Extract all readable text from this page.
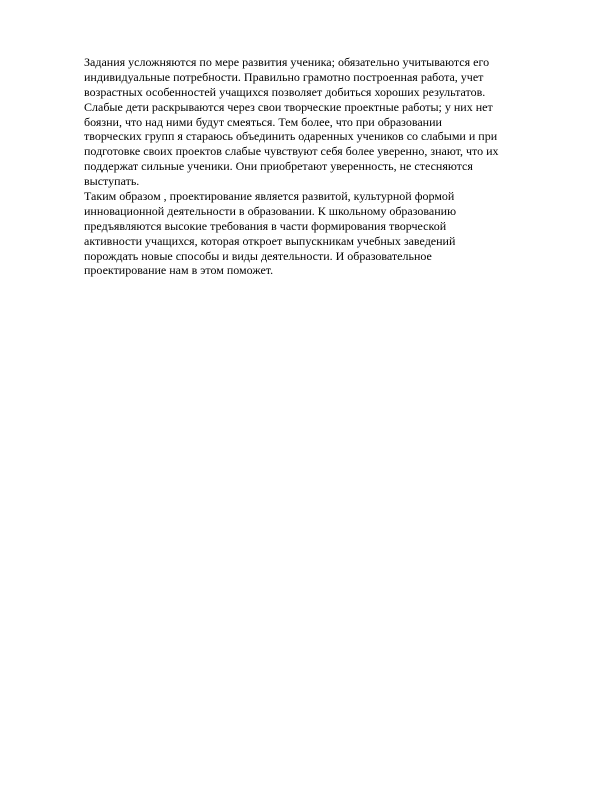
Задания усложняются по мере развития ученика; обязательно учитываются его
индивидуальные потребности. Правильно грамотно построенная работа, учет
возрастных особенностей учащихся позволяет добиться хороших результатов.
Слабые дети раскрываются через свои творческие проектные работы; у них нет
боязни, что над ними будут смеяться. Тем более, что при образовании
творческих групп я стараюсь объединить одаренных учеников со слабыми и при
подготовке своих проектов слабые чувствуют себя более уверенно, знают, что их
поддержат сильные ученики. Они приобретают уверенность, не стесняются
выступать.
Таким образом , проектирование является развитой, культурной формой
инновационной деятельности в образовании. К школьному образованию
предъявляются высокие требования в части формирования творческой
активности учащихся, которая откроет выпускникам учебных заведений
порождать новые способы и виды деятельности. И образовательное
проектирование нам в этом поможет.
